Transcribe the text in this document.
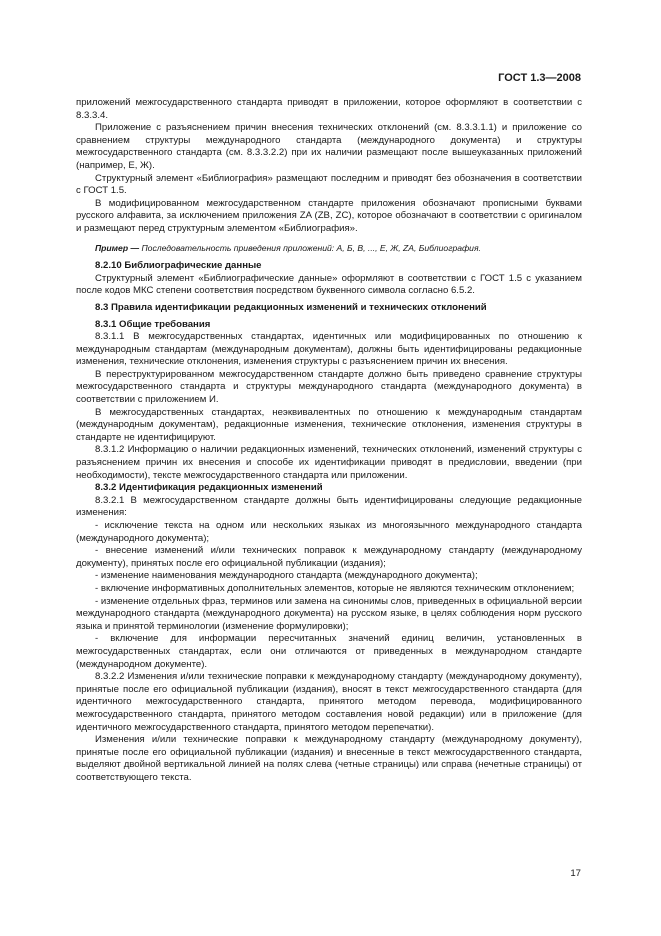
ГОСТ 1.3—2008

приложений межгосударственного стандарта приводят в приложении, которое оформляют в соответствии с 8.3.3.4.

Приложение с разъяснением причин внесения технических отклонений (см. 8.3.3.1.1) и приложение со сравнением структуры международного стандарта (международного документа) и структуры межгосударственного стандарта (см. 8.3.3.2.2) при их наличии размещают после вышеуказанных приложений (например, Е, Ж).

Структурный элемент «Библиография» размещают последним и приводят без обозначения в соответствии с ГОСТ 1.5.

В модифицированном межгосударственном стандарте приложения обозначают прописными буквами русского алфавита, за исключением приложения ZA (ZB, ZC), которое обозначают в соответствии с оригиналом и размещают перед структурным элементом «Библиография».

Пример — Последовательность приведения приложений: А, Б, В, ..., Е, Ж, ZA, Библиография.

8.2.10 Библиографические данные

Структурный элемент «Библиографические данные» оформляют в соответствии с ГОСТ 1.5 с указанием после кодов МКС степени соответствия посредством буквенного символа согласно 6.5.2.

8.3 Правила идентификации редакционных изменений и технических отклонений

8.3.1 Общие требования

8.3.1.1 В межгосударственных стандартах, идентичных или модифицированных по отношению к международным стандартам (международным документам), должны быть идентифицированы редакционные изменения, технические отклонения, изменения структуры с разъяснением причин их внесения.

В переструктурированном межгосударственном стандарте должно быть приведено сравнение структуры межгосударственного стандарта и структуры международного стандарта (международного документа) в соответствии с приложением И.

В межгосударственных стандартах, неэквивалентных по отношению к международным стандартам (международным документам), редакционные изменения, технические отклонения, изменения структуры в стандарте не идентифицируют.

8.3.1.2 Информацию о наличии редакционных изменений, технических отклонений, изменений структуры с разъяснением причин их внесения и способе их идентификации приводят в предисловии, введении (при необходимости), тексте межгосударственного стандарта или приложении.

8.3.2 Идентификация редакционных изменений

8.3.2.1 В межгосударственном стандарте должны быть идентифицированы следующие редакционные изменения:

- исключение текста на одном или нескольких языках из многоязычного международного стандарта (международного документа);

- внесение изменений и/или технических поправок к международному стандарту (международному документу), принятых после его официальной публикации (издания);

- изменение наименования международного стандарта (международного документа);

- включение информативных дополнительных элементов, которые не являются техническим отклонением;

- изменение отдельных фраз, терминов или замена на синонимы слов, приведенных в официальной версии международного стандарта (международного документа) на русском языке, в целях соблюдения норм русского языка и принятой терминологии (изменение формулировки);

- включение для информации пересчитанных значений единиц величин, установленных в межгосударственных стандартах, если они отличаются от приведенных в международном стандарте (международном документе).

8.3.2.2 Изменения и/или технические поправки к международному стандарту (международному документу), принятые после его официальной публикации (издания), вносят в текст межгосударственного стандарта (для идентичного межгосударственного стандарта, принятого методом перевода, модифицированного межгосударственного стандарта, принятого методом составления новой редакции) или в приложение (для идентичного межгосударственного стандарта, принятого методом перепечатки).

Изменения и/или технические поправки к международному стандарту (международному документу), принятые после его официальной публикации (издания) и внесенные в текст межгосударственного стандарта, выделяют двойной вертикальной линией на полях слева (четные страницы) или справа (нечетные страницы) от соответствующего текста.

17
